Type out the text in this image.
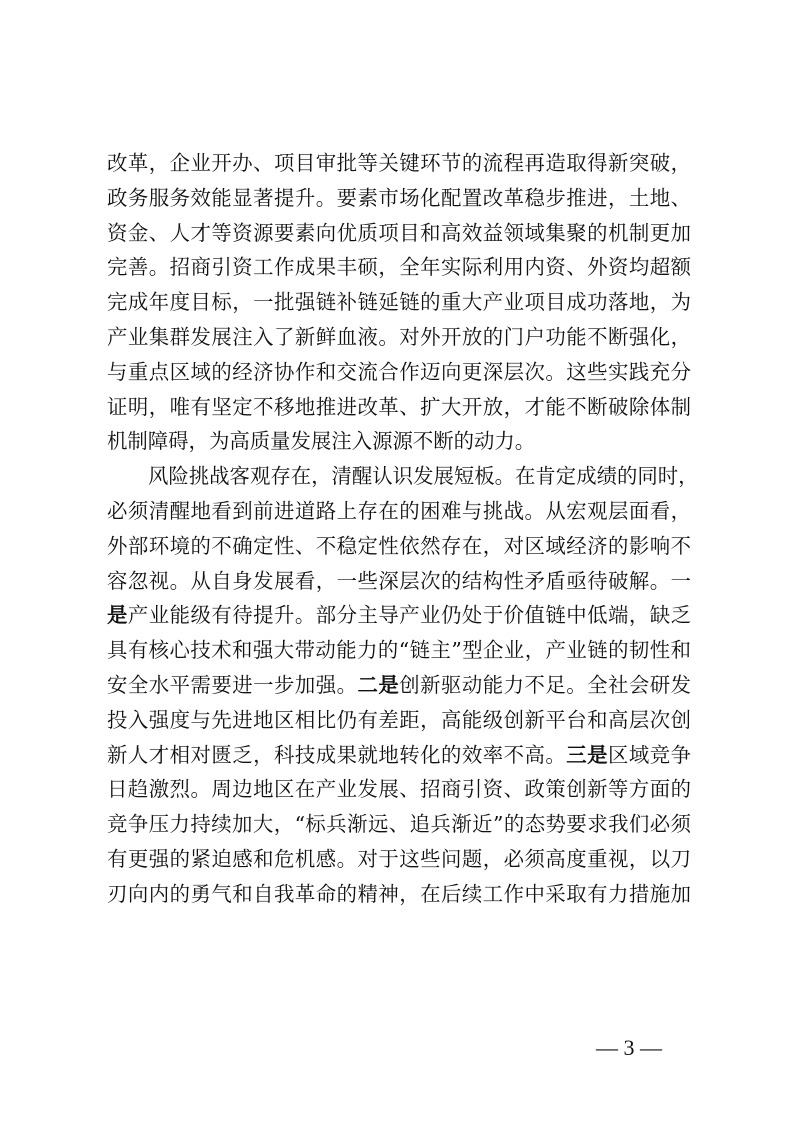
改革，企业开办、项目审批等关键环节的流程再造取得新突破，
政务服务效能显著提升。要素市场化配置改革稳步推进，土地、
资金、人才等资源要素向优质项目和高效益领域集聚的机制更加
完善。招商引资工作成果丰硕，全年实际利用内资、外资均超额
完成年度目标，一批强链补链延链的重大产业项目成功落地，为
产业集群发展注入了新鲜血液。对外开放的门户功能不断强化，
与重点区域的经济协作和交流合作迈向更深层次。这些实践充分
证明，唯有坚定不移地推进改革、扩大开放，才能不断破除体制
机制障碍，为高质量发展注入源源不断的动力。
风险挑战客观存在，清醒认识发展短板。在肯定成绩的同时，
必须清醒地看到前进道路上存在的困难与挑战。从宏观层面看，
外部环境的不确定性、不稳定性依然存在，对区域经济的影响不
容忽视。从自身发展看，一些深层次的结构性矛盾亟待破解。一
是产业能级有待提升。部分主导产业仍处于价值链中低端，缺乏
具有核心技术和强大带动能力的“链主”型企业，产业链的韧性和
安全水平需要进一步加强。二是创新驱动能力不足。全社会研发
投入强度与先进地区相比仍有差距，高能级创新平台和高层次创
新人才相对匮乏，科技成果就地转化的效率不高。三是区域竞争
日趋激烈。周边地区在产业发展、招商引资、政策创新等方面的
竞争压力持续加大，“标兵渐远、追兵渐近”的态势要求我们必须
有更强的紧迫感和危机感。对于这些问题，必须高度重视，以刀
刃向内的勇气和自我革命的精神，在后续工作中采取有力措施加
— 3 —
